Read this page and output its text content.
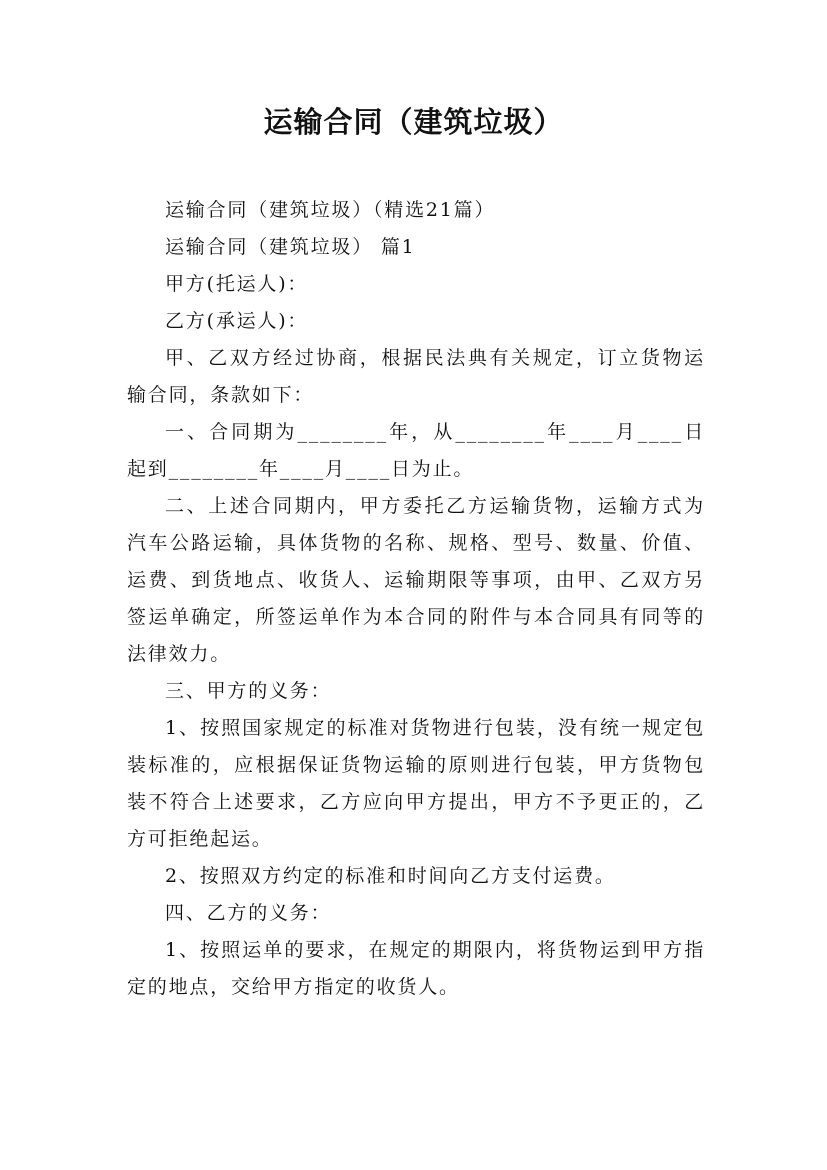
运输合同（建筑垃圾）

运输合同（建筑垃圾）（精选21篇）

运输合同（建筑垃圾） 篇1

甲方(托运人)：

乙方(承运人)：

甲、乙双方经过协商，根据民法典有关规定，订立货物运输合同，条款如下：

一、合同期为________年，从________年____月____日起到________年____月____日为止。

二、上述合同期内，甲方委托乙方运输货物，运输方式为汽车公路运输，具体货物的名称、规格、型号、数量、价值、运费、到货地点、收货人、运输期限等事项，由甲、乙双方另签运单确定，所签运单作为本合同的附件与本合同具有同等的法律效力。

三、甲方的义务：

1、按照国家规定的标准对货物进行包装，没有统一规定包装标准的，应根据保证货物运输的原则进行包装，甲方货物包装不符合上述要求，乙方应向甲方提出，甲方不予更正的，乙方可拒绝起运。

2、按照双方约定的标准和时间向乙方支付运费。

四、乙方的义务：

1、按照运单的要求，在规定的期限内，将货物运到甲方指定的地点，交给甲方指定的收货人。
